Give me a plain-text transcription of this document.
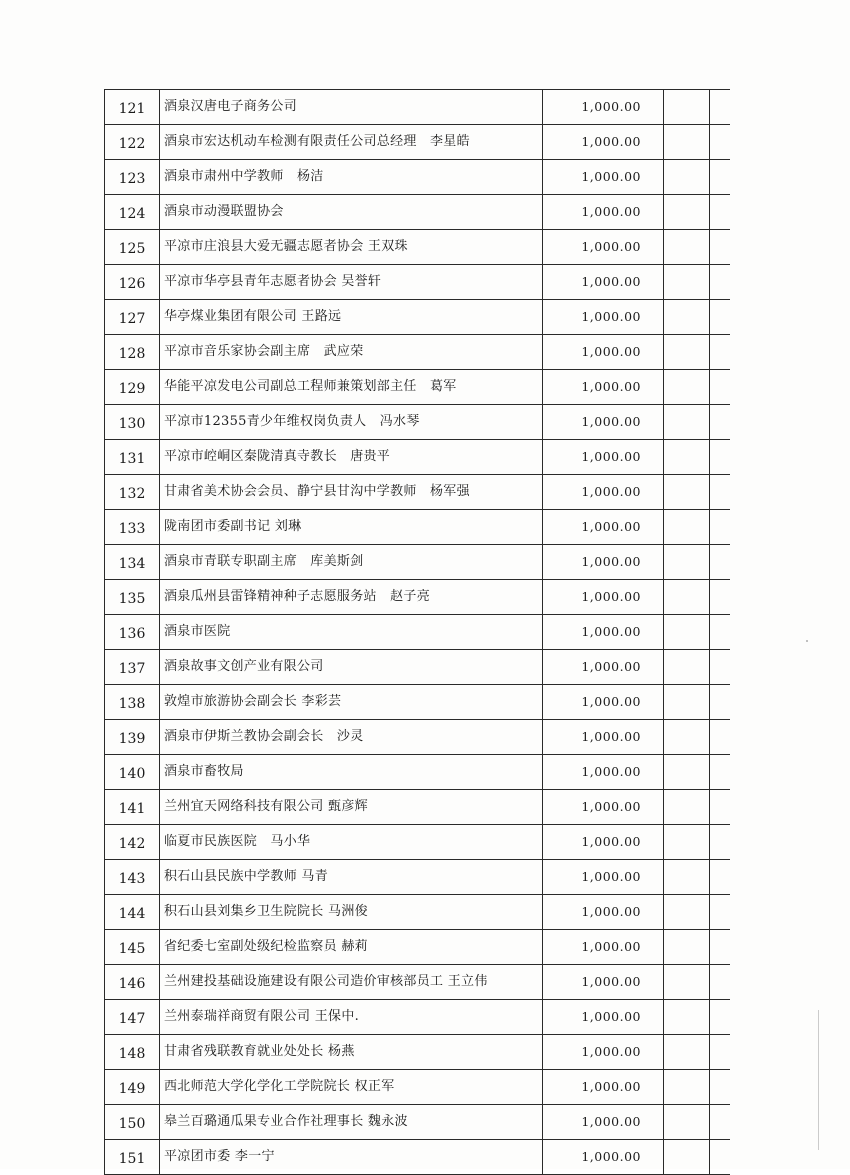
121	酒泉汉唐电子商务公司	1,000.00		
122	酒泉市宏达机动车检测有限责任公司总经理　李星皓	1,000.00		
123	酒泉市肃州中学教师　杨洁	1,000.00		
124	酒泉市动漫联盟协会	1,000.00		
125	平凉市庄浪县大爱无疆志愿者协会 王双珠	1,000.00		
126	平凉市华亭县青年志愿者协会 吴誉轩	1,000.00		
127	华亭煤业集团有限公司 王路远	1,000.00		
128	平凉市音乐家协会副主席　武应荣	1,000.00		
129	华能平凉发电公司副总工程师兼策划部主任　葛军	1,000.00		
130	平凉市12355青少年维权岗负责人　冯水琴	1,000.00		
131	平凉市崆峒区秦陇清真寺教长　唐贵平	1,000.00		
132	甘肃省美术协会会员、静宁县甘沟中学教师　杨军强	1,000.00		
133	陇南团市委副书记 刘琳	1,000.00		
134	酒泉市青联专职副主席　库美斯剑	1,000.00		
135	酒泉瓜州县雷锋精神种子志愿服务站　赵子亮	1,000.00		
136	酒泉市医院	1,000.00		
137	酒泉故事文创产业有限公司	1,000.00		
138	敦煌市旅游协会副会长 李彩芸	1,000.00		
139	酒泉市伊斯兰教协会副会长　沙灵	1,000.00		
140	酒泉市畜牧局	1,000.00		
141	兰州宜天网络科技有限公司 甄彦辉	1,000.00		
142	临夏市民族医院　马小华	1,000.00		
143	积石山县民族中学教师 马青	1,000.00		
144	积石山县刘集乡卫生院院长 马洲俊	1,000.00		
145	省纪委七室副处级纪检监察员 赫莉	1,000.00		
146	兰州建投基础设施建设有限公司造价审核部员工 王立伟	1,000.00		
147	兰州泰瑞祥商贸有限公司 王保中.	1,000.00		
148	甘肃省残联教育就业处处长 杨燕	1,000.00		
149	西北师范大学化学化工学院院长 权正军	1,000.00		
150	皋兰百璐通瓜果专业合作社理事长 魏永波	1,000.00		
151	平凉团市委 李一宁	1,000.00		
